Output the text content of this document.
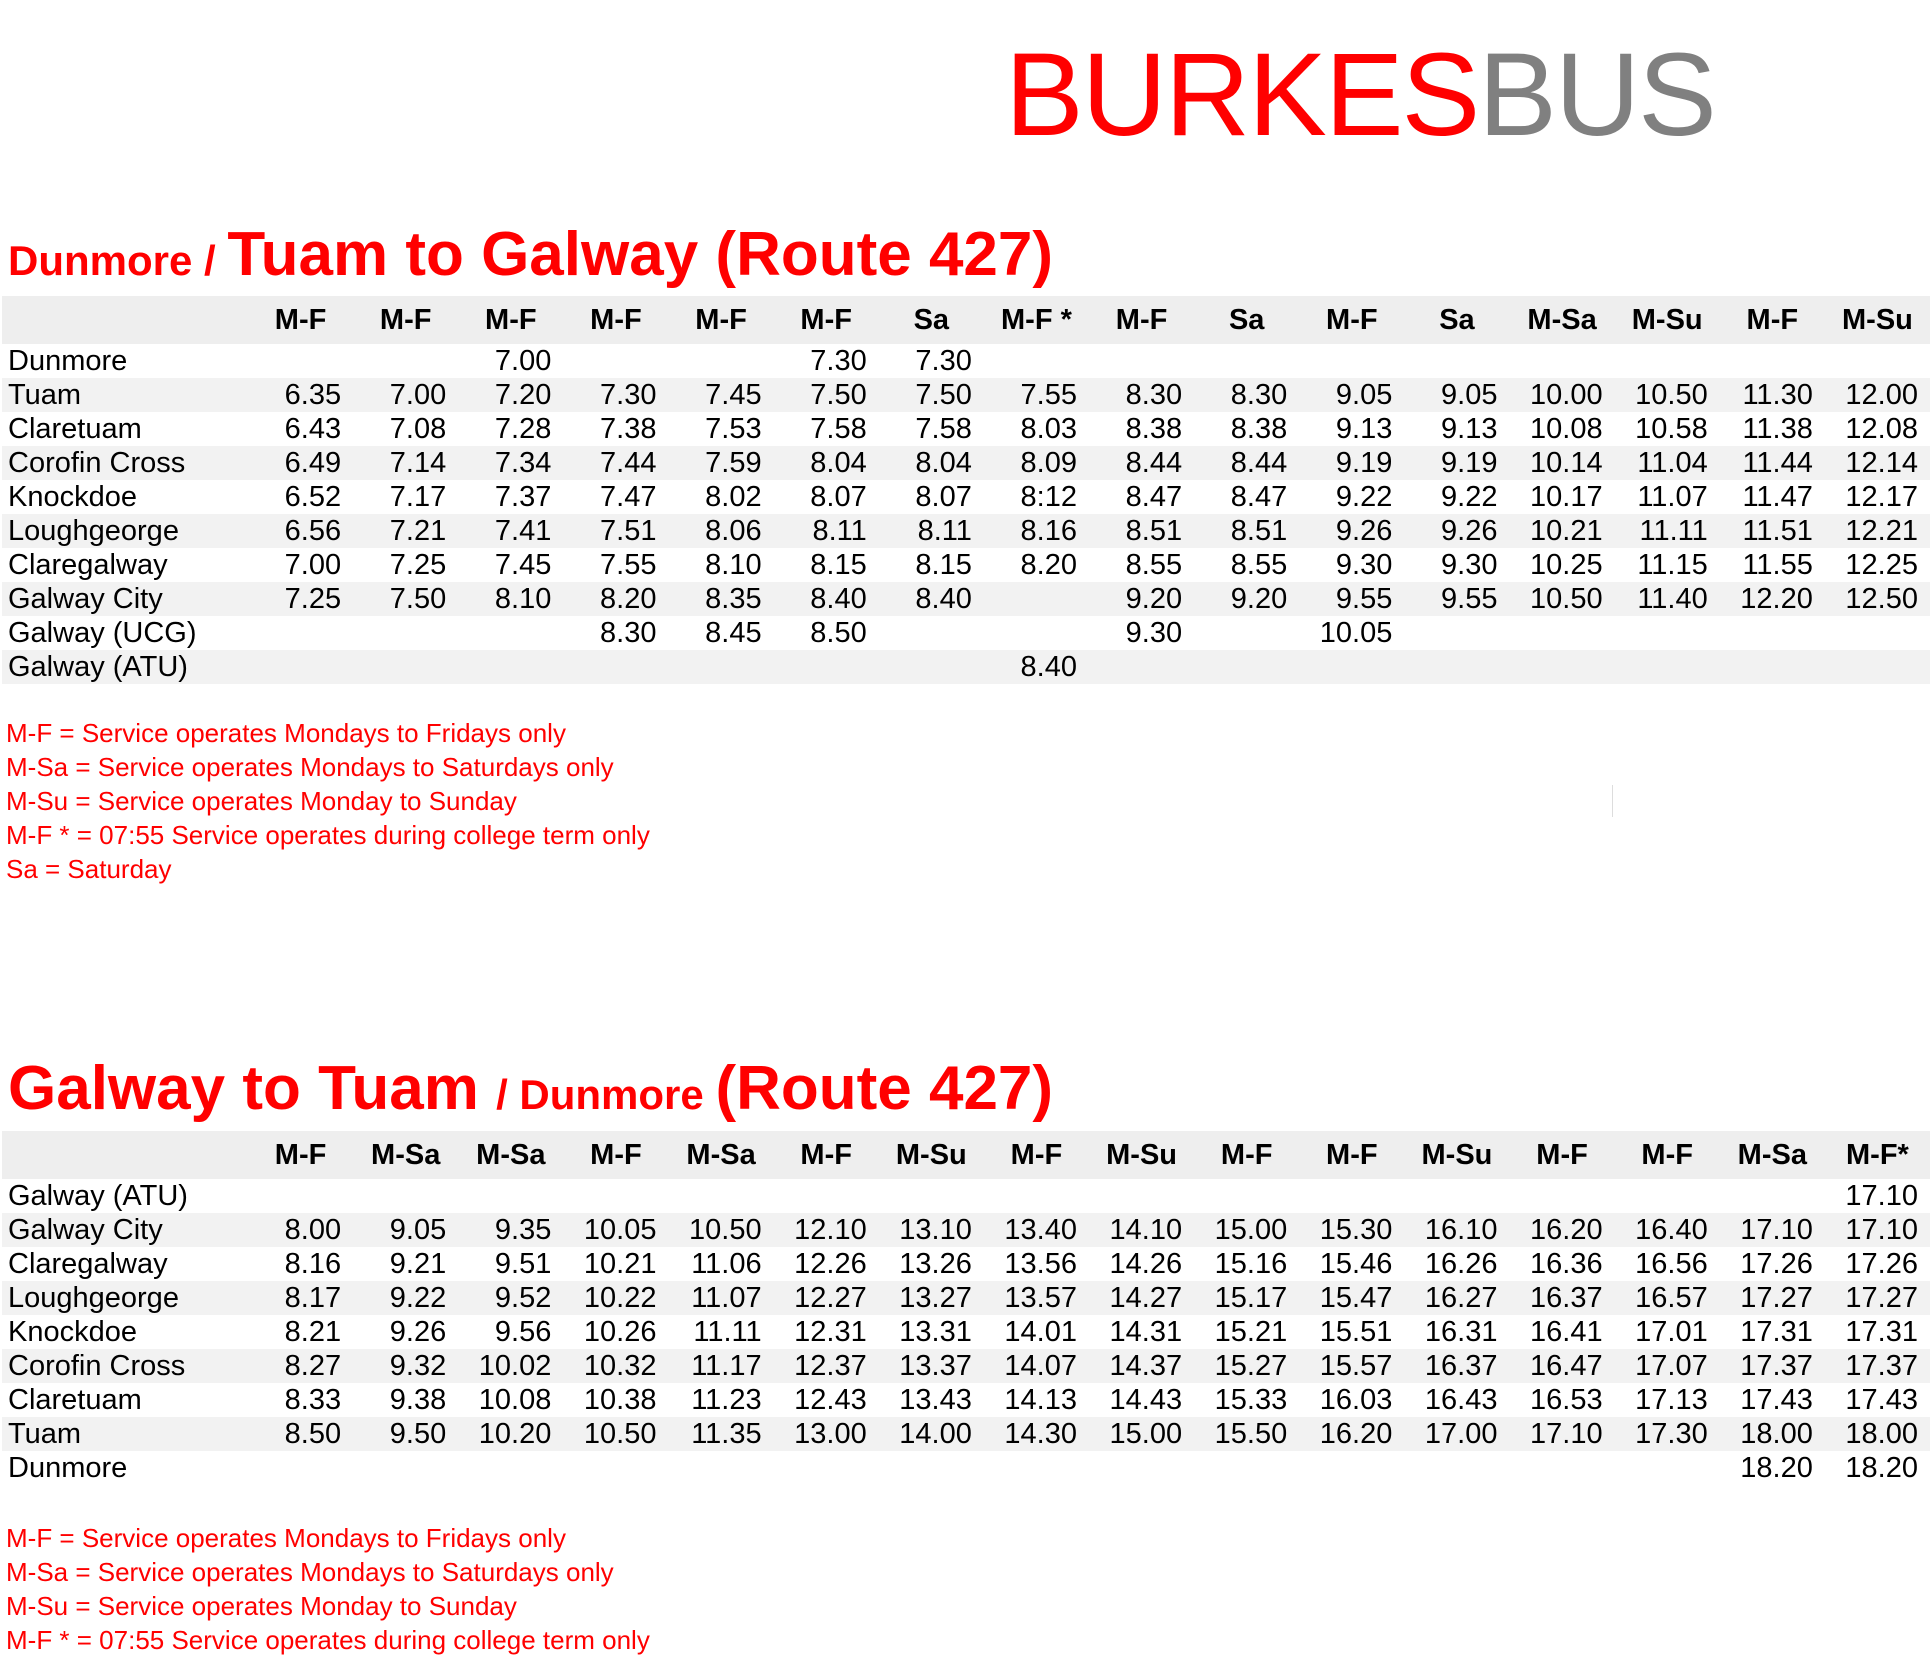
BURKESBUS
Dunmore / Tuam to Galway (Route 427)
	M-F	M-F	M-F	M-F	M-F	M-F	Sa	M-F *	M-F	Sa	M-F	Sa	M-Sa	M-Su	M-F	M-Su
Dunmore			7.00			7.30	7.30									
Tuam	6.35	7.00	7.20	7.30	7.45	7.50	7.50	7.55	8.30	8.30	9.05	9.05	10.00	10.50	11.30	12.00
Claretuam	6.43	7.08	7.28	7.38	7.53	7.58	7.58	8.03	8.38	8.38	9.13	9.13	10.08	10.58	11.38	12.08
Corofin Cross	6.49	7.14	7.34	7.44	7.59	8.04	8.04	8.09	8.44	8.44	9.19	9.19	10.14	11.04	11.44	12.14
Knockdoe	6.52	7.17	7.37	7.47	8.02	8.07	8.07	8:12	8.47	8.47	9.22	9.22	10.17	11.07	11.47	12.17
Loughgeorge	6.56	7.21	7.41	7.51	8.06	8.11	8.11	8.16	8.51	8.51	9.26	9.26	10.21	11.11	11.51	12.21
Claregalway	7.00	7.25	7.45	7.55	8.10	8.15	8.15	8.20	8.55	8.55	9.30	9.30	10.25	11.15	11.55	12.25
Galway City	7.25	7.50	8.10	8.20	8.35	8.40	8.40		9.20	9.20	9.55	9.55	10.50	11.40	12.20	12.50
Galway (UCG)				8.30	8.45	8.50			9.30		10.05					
Galway (ATU)								8.40								
M-F = Service operates Mondays to Fridays only
M-Sa = Service operates Mondays to Saturdays only
M-Su = Service operates Monday to Sunday
M-F * = 07:55 Service operates during college term only
Sa = Saturday
Galway to Tuam / Dunmore (Route 427)
	M-F	M-Sa	M-Sa	M-F	M-Sa	M-F	M-Su	M-F	M-Su	M-F	M-F	M-Su	M-F	M-F	M-Sa	M-F*
Galway (ATU)																17.10
Galway City	8.00	9.05	9.35	10.05	10.50	12.10	13.10	13.40	14.10	15.00	15.30	16.10	16.20	16.40	17.10	17.10
Claregalway	8.16	9.21	9.51	10.21	11.06	12.26	13.26	13.56	14.26	15.16	15.46	16.26	16.36	16.56	17.26	17.26
Loughgeorge	8.17	9.22	9.52	10.22	11.07	12.27	13.27	13.57	14.27	15.17	15.47	16.27	16.37	16.57	17.27	17.27
Knockdoe	8.21	9.26	9.56	10.26	11.11	12.31	13.31	14.01	14.31	15.21	15.51	16.31	16.41	17.01	17.31	17.31
Corofin Cross	8.27	9.32	10.02	10.32	11.17	12.37	13.37	14.07	14.37	15.27	15.57	16.37	16.47	17.07	17.37	17.37
Claretuam	8.33	9.38	10.08	10.38	11.23	12.43	13.43	14.13	14.43	15.33	16.03	16.43	16.53	17.13	17.43	17.43
Tuam	8.50	9.50	10.20	10.50	11.35	13.00	14.00	14.30	15.00	15.50	16.20	17.00	17.10	17.30	18.00	18.00
Dunmore															18.20	18.20
M-F = Service operates Mondays to Fridays only
M-Sa = Service operates Mondays to Saturdays only
M-Su = Service operates Monday to Sunday
M-F * = 07:55 Service operates during college term only
